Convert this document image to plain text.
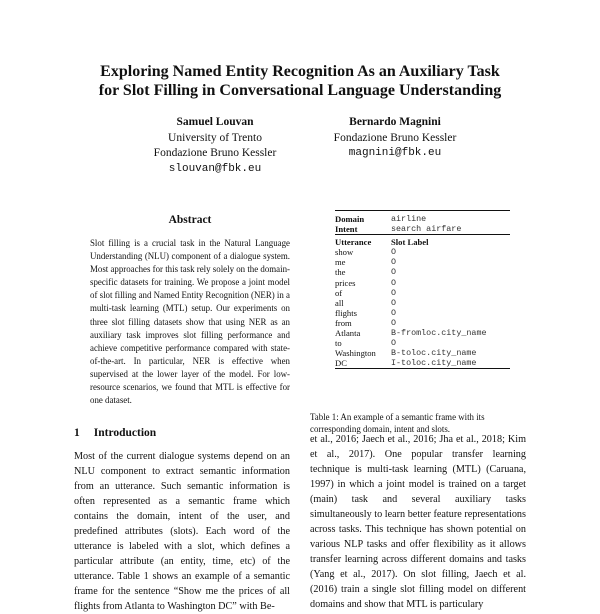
Exploring Named Entity Recognition As an Auxiliary Task
for Slot Filling in Conversational Language Understanding
Samuel Louvan
University of Trento
Fondazione Bruno Kessler
slouvan@fbk.eu
Bernardo Magnini
Fondazione Bruno Kessler
magnini@fbk.eu
Abstract

Slot filling is a crucial task in the Natural Language Understanding (NLU) component of a dialogue system. Most approaches for this task rely solely on the domain-specific datasets for training. We propose a joint model of slot filling and Named Entity Recognition (NER) in a multi-task learning (MTL) setup. Our experiments on three slot filling datasets show that using NER as an auxiliary task improves slot filling performance and achieve competitive performance compared with state-of-the-art. In particular, NER is effective when supervised at the lower layer of the model. For low-resource scenarios, we found that MTL is effective for one dataset.

Domain	airline
Intent	search airfare
Utterance	Slot Label
show	O
me	O
the	O
prices	O
of	O
all	O
flights	O
from	O
Atlanta	B-fromloc.city_name
to	O
Washington	B-toloc.city_name
DC	I-toloc.city_name
Table 1: An example of a semantic frame with its corresponding domain, intent and slots.
1 Introduction

Most of the current dialogue systems depend on an NLU component to extract semantic information from an utterance. Such semantic information is often represented as a semantic frame which contains the domain, intent of the user, and predefined attributes (slots). Each word of the utterance is labeled with a slot, which defines a particular attribute (an entity, time, etc) of the utterance. Table 1 shows an example of a semantic frame for the sentence “Show me the prices of all flights from Atlanta to Washington DC” with Be-

et al., 2016; Jaech et al., 2016; Jha et al., 2018; Kim et al., 2017). One popular transfer learning technique is multi-task learning (MTL) (Caruana, 1997) in which a joint model is trained on a target (main) task and several auxiliary tasks simultaneously to learn better feature representations across tasks. This technique has shown potential on various NLP tasks and offer flexibility as it allows transfer learning across different domains and tasks (Yang et al., 2017). On slot filling, Jaech et al. (2016) train a single slot filling model on different domains and show that MTL is particulary
